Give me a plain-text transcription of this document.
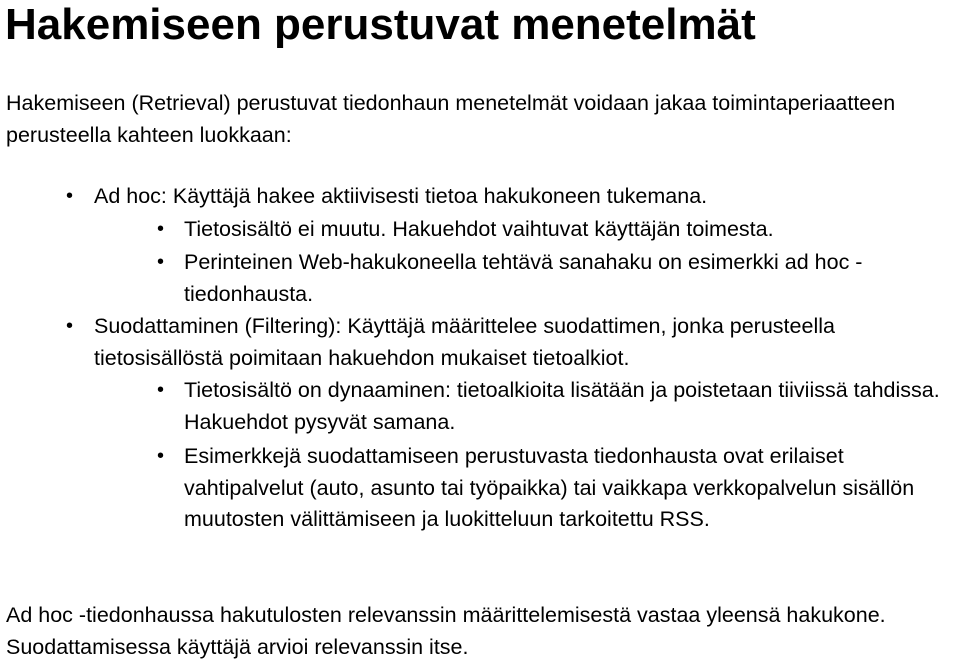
Hakemiseen perustuvat menetelmät

Hakemiseen (Retrieval) perustuvat tiedonhaun menetelmät voidaan jakaa toimintaperiaatteen perusteella kahteen luokkaan:

• Ad hoc: Käyttäjä hakee aktiivisesti tietoa hakukoneen tukemana.
• Tietosisältö ei muutu. Hakuehdot vaihtuvat käyttäjän toimesta.
• Perinteinen Web-hakukoneella tehtävä sanahaku on esimerkki ad hoc -tiedonhausta.
• Suodattaminen (Filtering): Käyttäjä määrittelee suodattimen, jonka perusteella tietosisällöstä poimitaan hakuehdon mukaiset tietoalkiot.
• Tietosisältö on dynaaminen: tietoalkioita lisätään ja poistetaan tiiviissä tahdissa. Hakuehdot pysyvät samana.
• Esimerkkejä suodattamiseen perustuvasta tiedonhausta ovat erilaiset vahtipalvelut (auto, asunto tai työpaikka) tai vaikkapa verkkopalvelun sisällön muutosten välittämiseen ja luokitteluun tarkoitettu RSS.

Ad hoc -tiedonhaussa hakutulosten relevanssin määrittelemisestä vastaa yleensä hakukone. Suodattamisessa käyttäjä arvioi relevanssin itse.
